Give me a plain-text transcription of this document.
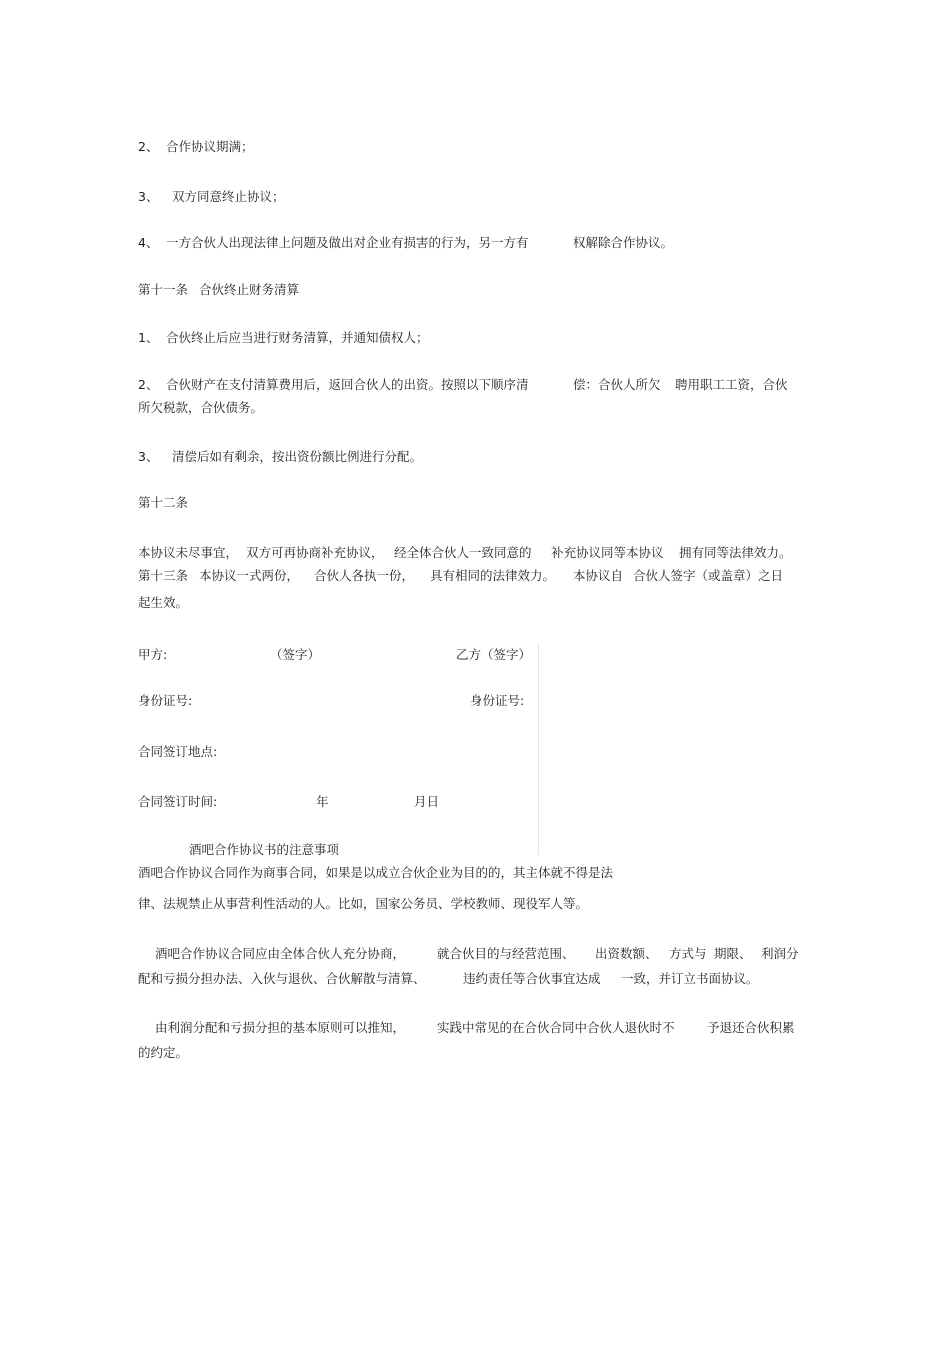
2、 合作协议期满；
3、 双方同意终止协议；
4、 一方合伙人出现法律上问题及做出对企业有损害的行为，另一方有	权解除合作协议。
第十一条 合伙终止财务清算
1、 合伙终止后应当进行财务清算，并通知债权人；
2、 合伙财产在支付清算费用后，返回合伙人的出资。按照以下顺序清	偿：合伙人所欠 聘用职工工资，合伙
所欠税款，合伙债务。
3、 清偿后如有剩余，按出资份额比例进行分配。
第十二条
本协议未尽事宜， 双方可再协商补充协议， 经全体合伙人一致同意的 补充协议同等本协议 拥有同等法律效力。
第十三条 本协议一式两份， 合伙人各执一份， 具有相同的法律效力。 本协议自 合伙人签字（或盖章）之日
起生效。
甲方:	（签字）	乙方（签字）
身份证号:	身份证号:
合同签订地点:
合同签订时间:	年	月日
酒吧合作协议书的注意事项
酒吧合作协议合同作为商事合同，如果是以成立合伙企业为目的的，其主体就不得是法
律、法规禁止从事营利性活动的人。比如，国家公务员、学校教师、现役军人等。
酒吧合作协议合同应由全体合伙人充分协商，	就合伙目的与经营范围、 出资数额、 方式与 期限、 利润分
配和亏损分担办法、入伙与退伙、合伙解散与清算、	违约责任等合伙事宜达成 一致，并订立书面协议。
由利润分配和亏损分担的基本原则可以推知，	实践中常见的在合伙合同中合伙人退伙时不	予退还合伙积累
的约定。
